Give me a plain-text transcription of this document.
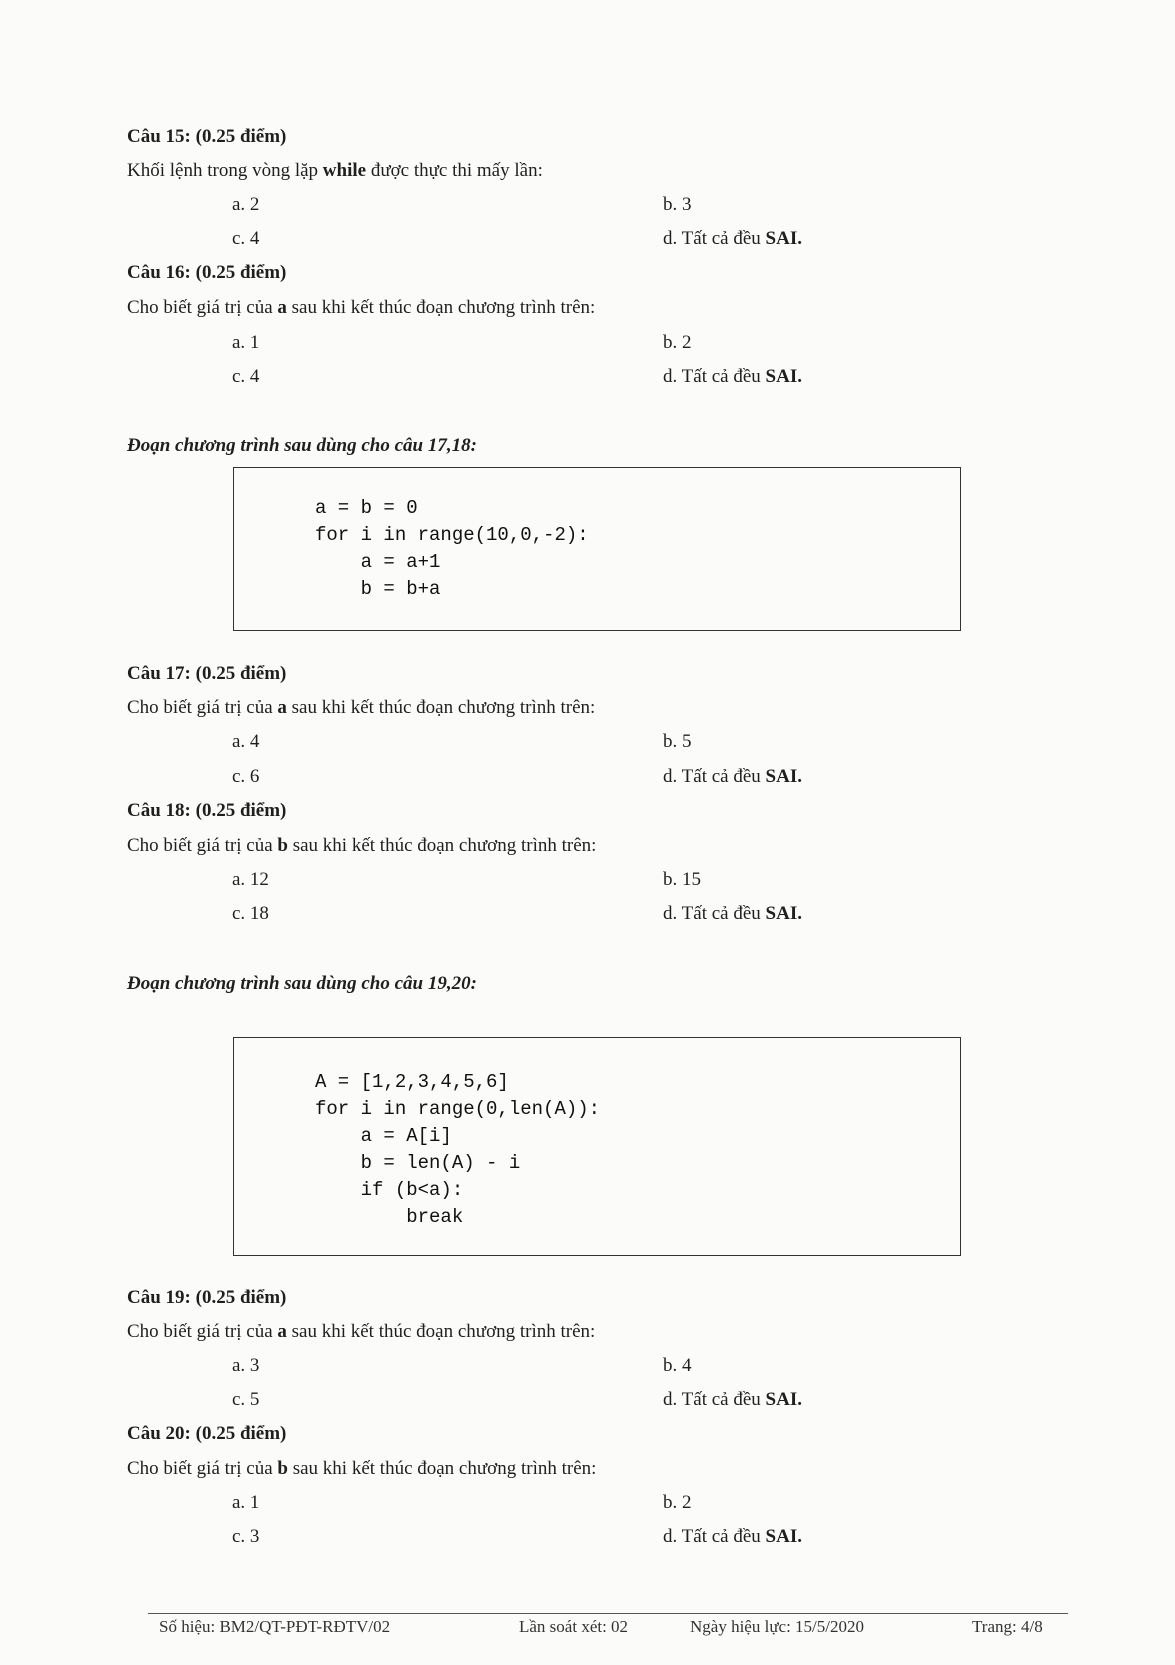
Câu 15: (0.25 điểm)
Khối lệnh trong vòng lặp while được thực thi mấy lần:
a. 2	b. 3
c. 4	d. Tất cả đều SAI.
Câu 16: (0.25 điểm)
Cho biết giá trị của a sau khi kết thúc đoạn chương trình trên:
a. 1	b. 2
c. 4	d. Tất cả đều SAI.
Đoạn chương trình sau dùng cho câu 17,18:
a = b = 0
for i in range(10,0,-2):
a = a+1
b = b+a
Câu 17: (0.25 điểm)
Cho biết giá trị của a sau khi kết thúc đoạn chương trình trên:
a. 4	b. 5
c. 6	d. Tất cả đều SAI.
Câu 18: (0.25 điểm)
Cho biết giá trị của b sau khi kết thúc đoạn chương trình trên:
a. 12	b. 15
c. 18	d. Tất cả đều SAI.
Đoạn chương trình sau dùng cho câu 19,20:
A = [1,2,3,4,5,6]
for i in range(0,len(A)):
a = A[i]
b = len(A) - i
if (b<a):
break
Câu 19: (0.25 điểm)
Cho biết giá trị của a sau khi kết thúc đoạn chương trình trên:
a. 3	b. 4
c. 5	d. Tất cả đều SAI.
Câu 20: (0.25 điểm)
Cho biết giá trị của b sau khi kết thúc đoạn chương trình trên:
a. 1	b. 2
c. 3	d. Tất cả đều SAI.
Số hiệu: BM2/QT-PĐT-RĐTV/02	Lần soát xét: 02	Ngày hiệu lực: 15/5/2020	Trang: 4/8
